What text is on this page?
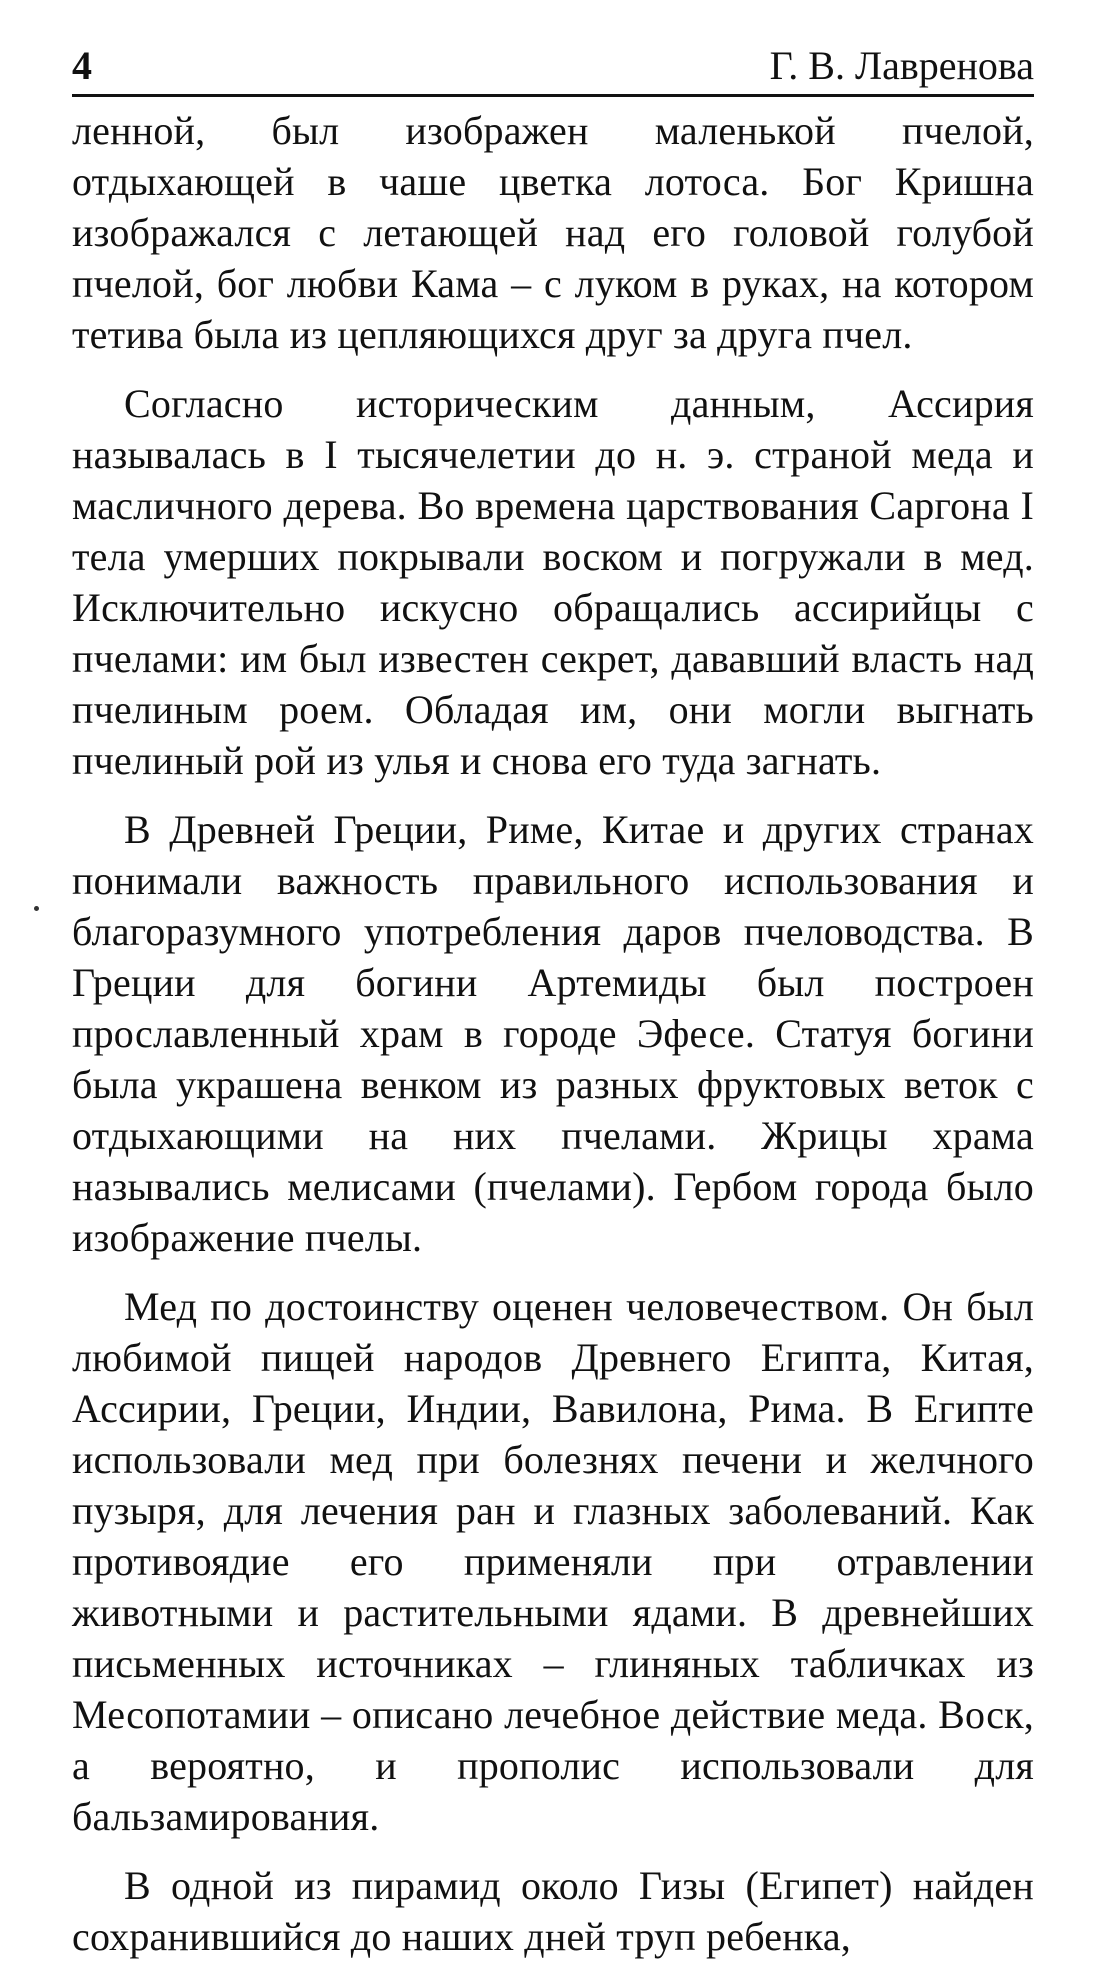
4	Г. В. Лавренова

ленной, был изображен маленькой пчелой, отдыхающей в чаше цветка лотоса. Бог Кришна изображался с летающей над его головой голубой пчелой, бог любви Кама – с луком в руках, на котором тетива была из цепляющихся друг за друга пчел.

Согласно историческим данным, Ассирия называлась в I тысячелетии до н. э. страной меда и масличного дерева. Во времена царствования Саргона I тела умерших покрывали воском и погружали в мед. Исключительно искусно обращались ассирийцы с пчелами: им был известен секрет, дававший власть над пчелиным роем. Обладая им, они могли выгнать пчелиный рой из улья и снова его туда загнать.

В Древней Греции, Риме, Китае и других странах понимали важность правильного использования и благоразумного употребления даров пчеловодства. В Греции для богини Артемиды был построен прославленный храм в городе Эфесе. Статуя богини была украшена венком из разных фруктовых веток с отдыхающими на них пчелами. Жрицы храма назывались мелисами (пчелами). Гербом города было изображение пчелы.

Мед по достоинству оценен человечеством. Он был любимой пищей народов Древнего Египта, Китая, Ассирии, Греции, Индии, Вавилона, Рима. В Египте использовали мед при болезнях печени и желчного пузыря, для лечения ран и глазных заболеваний. Как противоядие его применяли при отравлении животными и растительными ядами. В древнейших письменных источниках – глиняных табличках из Месопотамии – описано лечебное действие меда. Воск, а вероятно, и прополис использовали для бальзамирования.

В одной из пирамид около Гизы (Египет) найден сохранившийся до наших дней труп ребенка,
